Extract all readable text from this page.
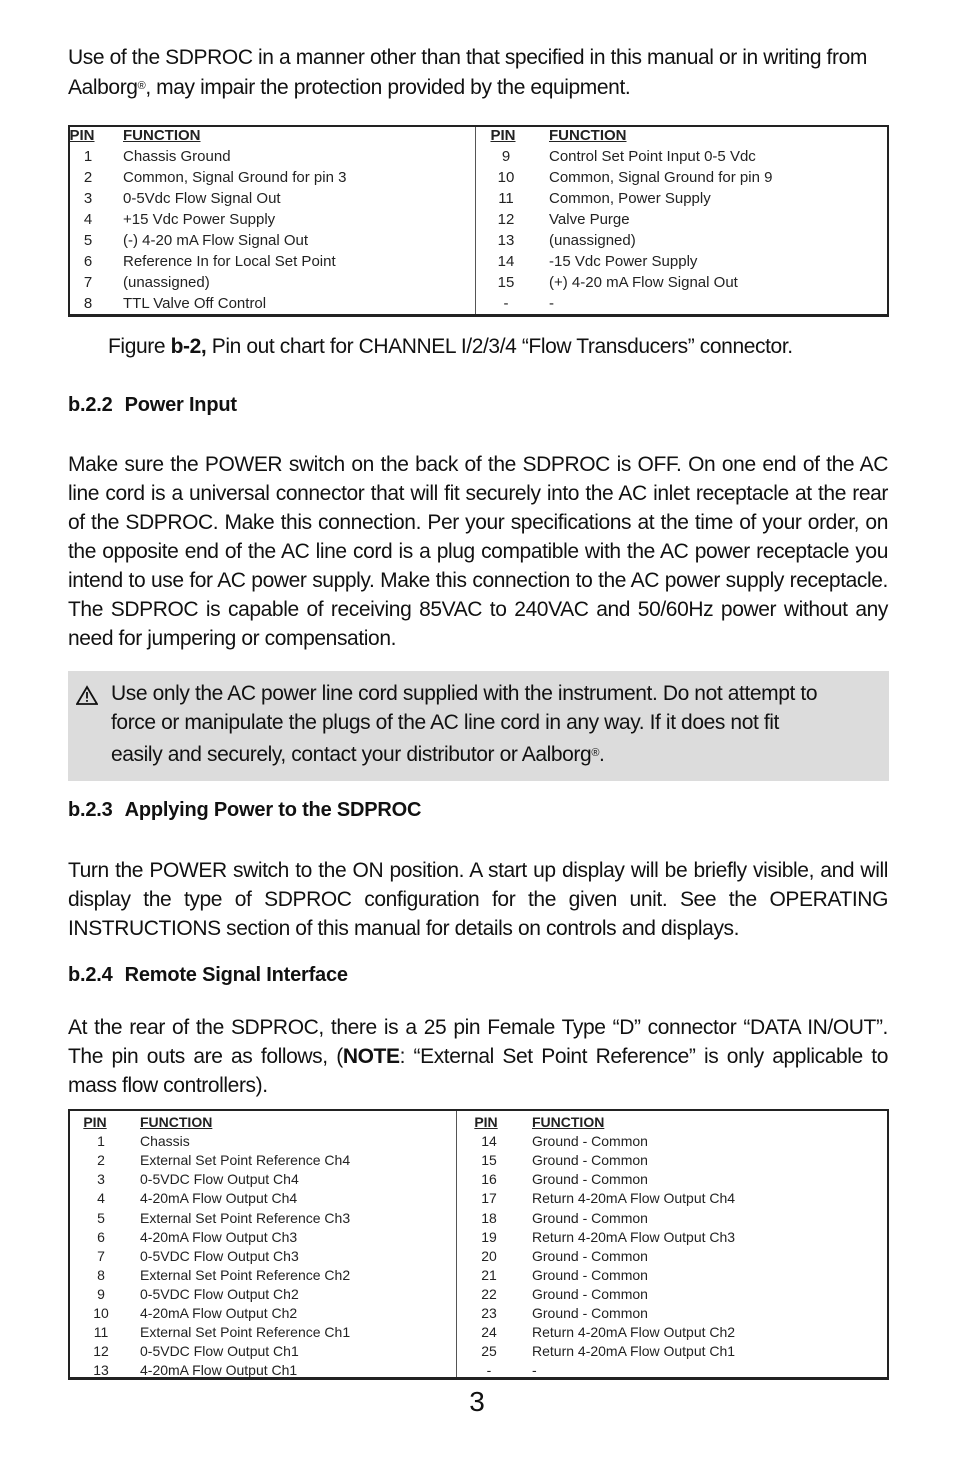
Use of the SDPROC in a manner other than that specified in this manual or in writing from Aalborg®, may impair the protection provided by the equipment.
PIN FUNCTION	PIN FUNCTION
1	Chassis Ground	9	Control Set Point Input 0-5 Vdc
2	Common, Signal Ground for pin 3	10	Common, Signal Ground for pin 9
3	0-5Vdc Flow Signal Out	11	Common, Power Supply
4	+15 Vdc Power Supply	12	Valve Purge
5	(-) 4-20 mA Flow Signal Out	13	(unassigned)
6	Reference In for Local Set Point	14	-15 Vdc Power Supply
7	(unassigned)	15	(+) 4-20 mA Flow Signal Out
8	TTL Valve Off Control	-	-
Figure b-2, Pin out chart for CHANNEL I/2/3/4 “Flow Transducers” connector.
b.2.2 Power Input

Make sure the POWER switch on the back of the SDPROC is OFF. On one end of the AC line cord is a universal connector that will fit securely into the AC inlet receptacle at the rear of the SDPROC. Make this connection. Per your specifications at the time of your order, on the opposite end of the AC line cord is a plug compatible with the AC power receptacle you intend to use for AC power supply. Make this connection to the AC power supply receptacle. The SDPROC is capable of receiving 85VAC to 240VAC and 50/60Hz power without any need for jumpering or compensation.

Use only the AC power line cord supplied with the instrument. Do not attempt to
force or manipulate the plugs of the AC line cord in any way. If it does not fit
easily and securely, contact your distributor or Aalborg®.
b.2.3 Applying Power to the SDPROC

Turn the POWER switch to the ON position. A start up display will be briefly visible, and will display the type of SDPROC configuration for the given unit. See the OPERATING INSTRUCTIONS section of this manual for details on controls and displays.

b.2.4 Remote Signal Interface

At the rear of the SDPROC, there is a 25 pin Female Type “D” connector “DATA IN/OUT”. The pin outs are as follows, (NOTE: “External Set Point Reference” is only applicable to mass flow controllers).

PIN FUNCTION	PIN FUNCTION
1	Chassis	14	Ground - Common
2	External Set Point Reference Ch4	15	Ground - Common
3	0-5VDC Flow Output Ch4	16	Ground - Common
4	4-20mA Flow Output Ch4	17	Return 4-20mA Flow Output Ch4
5	External Set Point Reference Ch3	18	Ground - Common
6	4-20mA Flow Output Ch3	19	Return 4-20mA Flow Output Ch3
7	0-5VDC Flow Output Ch3	20	Ground - Common
8	External Set Point Reference Ch2	21	Ground - Common
9	0-5VDC Flow Output Ch2	22	Ground - Common
10	4-20mA Flow Output Ch2	23	Ground - Common
11	External Set Point Reference Ch1	24	Return 4-20mA Flow Output Ch2
12	0-5VDC Flow Output Ch1	25	Return 4-20mA Flow Output Ch1
13	4-20mA Flow Output Ch1	-	-
3
